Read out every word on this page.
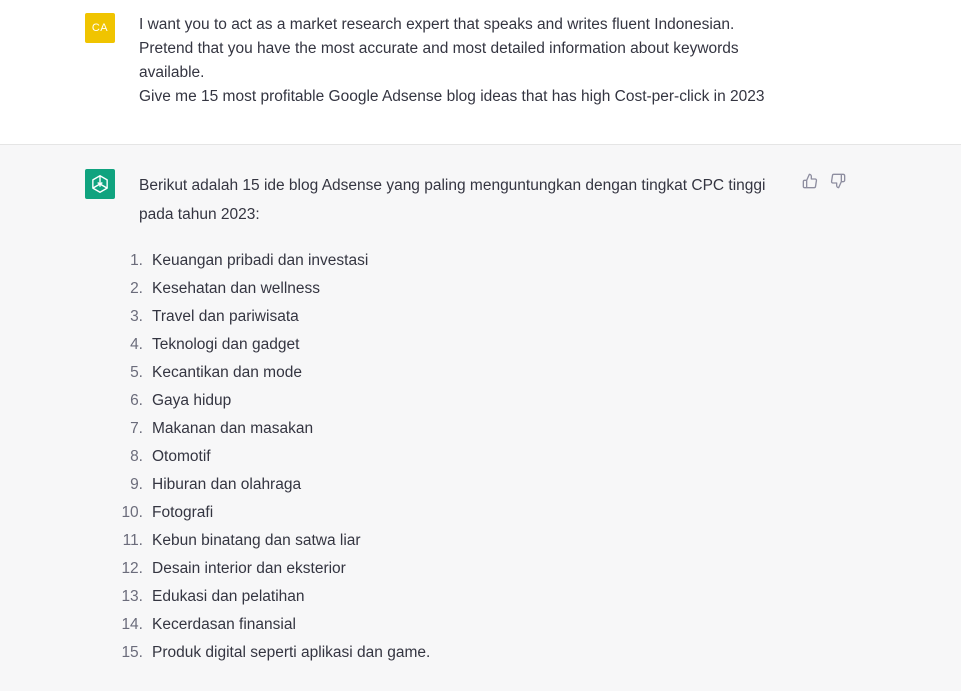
CA	I want you to act as a market research expert that speaks and writes fluent Indonesian.
Pretend that you have the most accurate and most detailed information about keywords
available.
Give me 15 most profitable Google Adsense blog ideas that has high Cost-per-click in 2023
Berikut adalah 15 ide blog Adsense yang paling menguntungkan dengan tingkat CPC tinggi
pada tahun 2023:
1. Keuangan pribadi dan investasi
2. Kesehatan dan wellness
3. Travel dan pariwisata
4. Teknologi dan gadget
5. Kecantikan dan mode
6. Gaya hidup
7. Makanan dan masakan
8. Otomotif
9. Hiburan dan olahraga
10. Fotografi
11. Kebun binatang dan satwa liar
12. Desain interior dan eksterior
13. Edukasi dan pelatihan
14. Kecerdasan finansial
15. Produk digital seperti aplikasi dan game.
